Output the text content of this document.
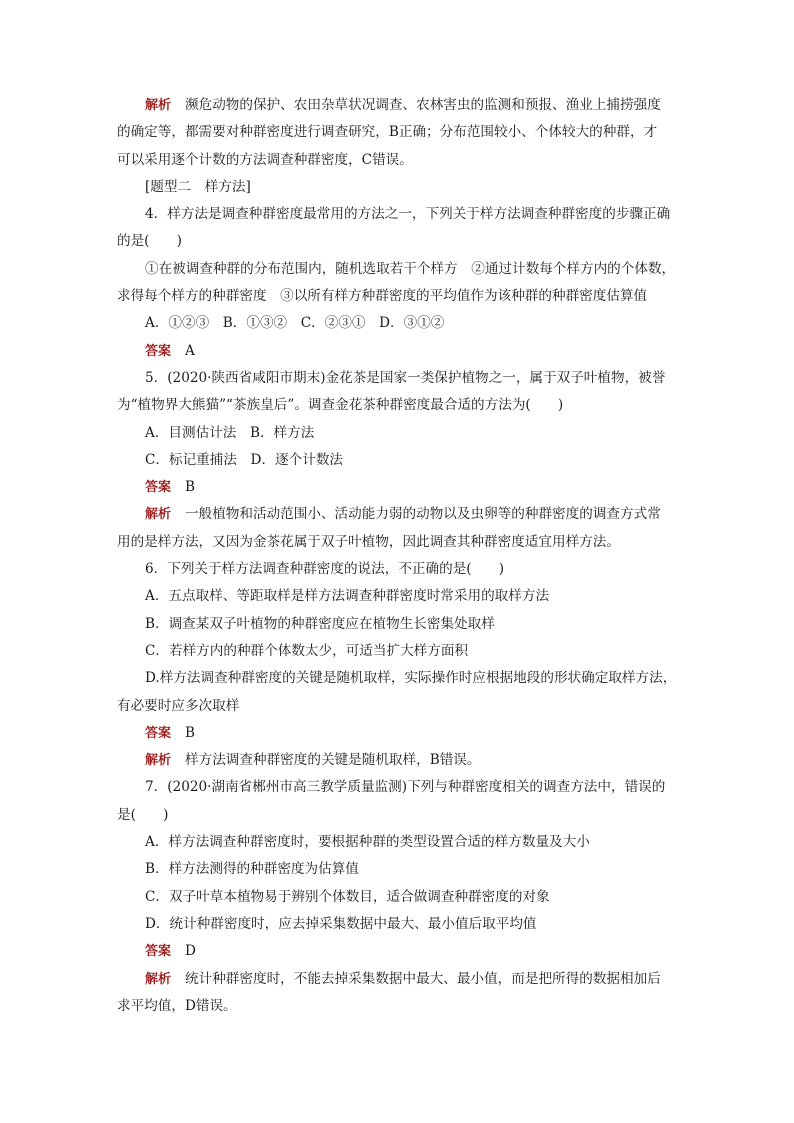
解析 濒危动物的保护、农田杂草状况调查、农林害虫的监测和预报、渔业上捕捞强度
的确定等，都需要对种群密度进行调查研究，B正确；分布范围较小、个体较大的种群，才
可以采用逐个计数的方法调查种群密度，C错误。
[题型二　样方法]
4．样方法是调查种群密度最常用的方法之一，下列关于样方法调查种群密度的步骤正确
的是(　　)
①在被调查种群的分布范围内，随机选取若干个样方　②通过计数每个样方内的个体数，
求得每个样方的种群密度　③以所有样方种群密度的平均值作为该种群的种群密度估算值
A．①②③　B．①③②　C．②③①　D．③①②
答案 A
5．(2020·陕西省咸阳市期末)金花茶是国家一类保护植物之一，属于双子叶植物，被誉
为“植物界大熊猫”“茶族皇后”。调查金花茶种群密度最合适的方法为(　　)
A．目测估计法　B．样方法
C．标记重捕法　D．逐个计数法
答案 B
解析 一般植物和活动范围小、活动能力弱的动物以及虫卵等的种群密度的调查方式常
用的是样方法，又因为金茶花属于双子叶植物，因此调查其种群密度适宜用样方法。
6．下列关于样方法调查种群密度的说法，不正确的是(　　)
A．五点取样、等距取样是样方法调查种群密度时常采用的取样方法
B．调查某双子叶植物的种群密度应在植物生长密集处取样
C．若样方内的种群个体数太少，可适当扩大样方面积
D.样方法调查种群密度的关键是随机取样，实际操作时应根据地段的形状确定取样方法，
有必要时应多次取样
答案 B
解析 样方法调查种群密度的关键是随机取样，B错误。
7．(2020·湖南省郴州市高三教学质量监测)下列与种群密度相关的调查方法中，错误的
是(　　)
A．样方法调查种群密度时，要根据种群的类型设置合适的样方数量及大小
B．样方法测得的种群密度为估算值
C．双子叶草本植物易于辨别个体数目，适合做调查种群密度的对象
D．统计种群密度时，应去掉采集数据中最大、最小值后取平均值
答案 D
解析 统计种群密度时，不能去掉采集数据中最大、最小值，而是把所得的数据相加后
求平均值，D错误。
